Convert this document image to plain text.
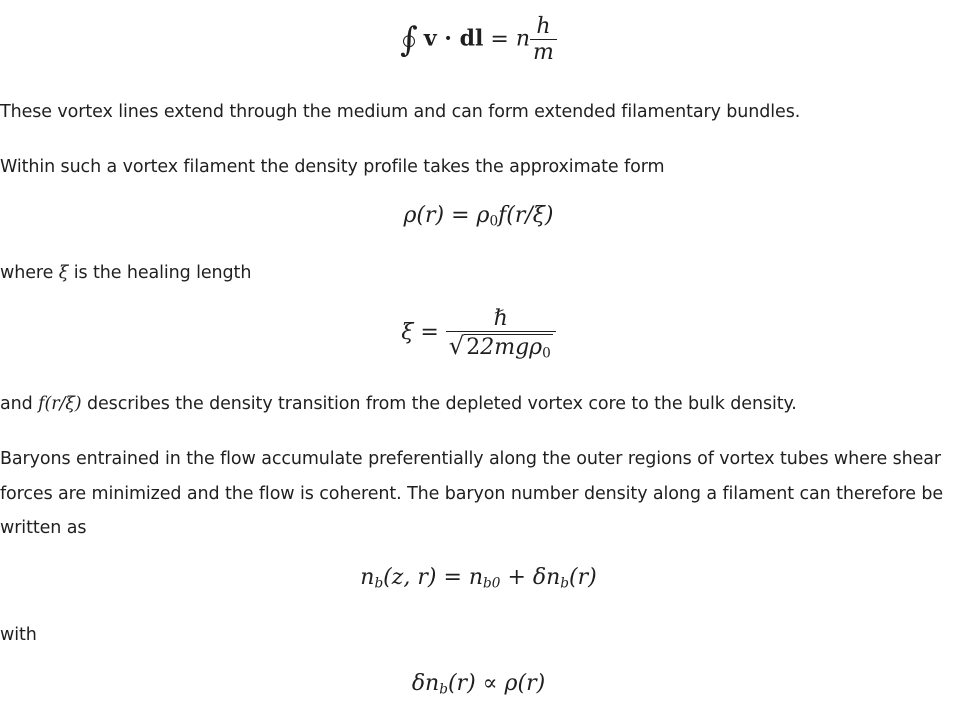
∫ v · dl = n $\frac{h}{m}$

These vortex lines extend through the medium and can form extended filamentary bundles.

Within such a vortex filament the density profile takes the approximate form

$\rho(r) = \rho_0f(r/\xi)$

where ξ is the healing length

$\xi = \frac{\text{ℏ}}{√22mg\rho_0}$

and f(r/ξ) describes the density transition from the depleted vortex core to the bulk density.

Baryons entrained in the flow accumulate preferentially along the outer regions of vortex tubes where shear forces are minimized and the flow is coherent. The baryon number density along a filament can therefore be written as

$n_b(z$, $r) = n_{b0} + \delta n_b(r)$

with

$\delta n_b(r) \propto \rho(r)$
